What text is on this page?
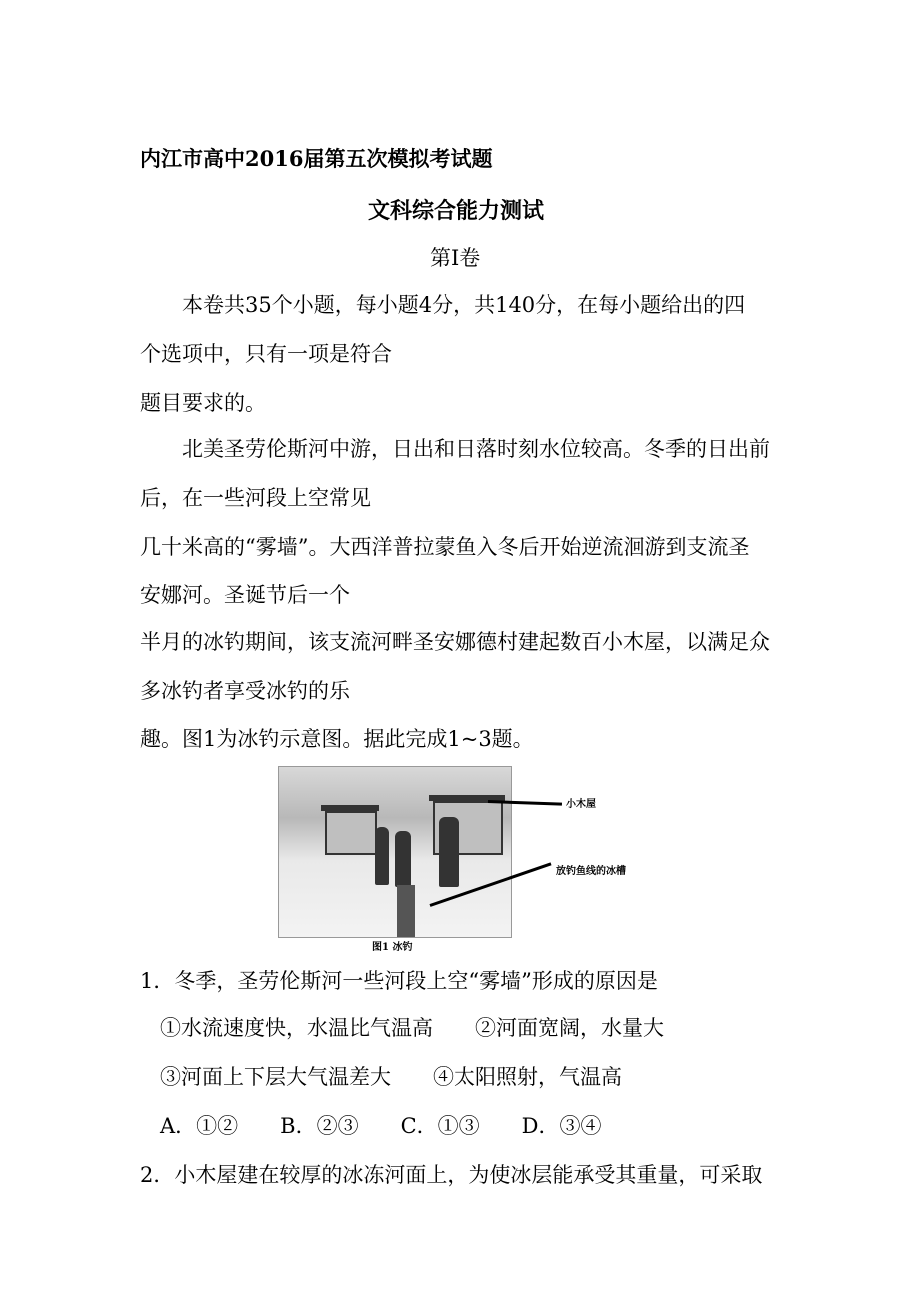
内江市高中2016届第五次模拟考试题
文科综合能力测试
第I卷
本卷共35个小题，每小题4分，共140分，在每小题给出的四
个选项中，只有一项是符合
题目要求的。
北美圣劳伦斯河中游，日出和日落时刻水位较高。冬季的日出前
后，在一些河段上空常见
几十米高的“雾墙”。大西洋普拉蒙鱼入冬后开始逆流洄游到支流圣
安娜河。圣诞节后一个
半月的冰钓期间，该支流河畔圣安娜德村建起数百小木屋，以满足众
多冰钓者享受冰钓的乐
趣。图1为冰钓示意图。据此完成1~3题。
小木屋
放钓鱼线的冰槽
图1 冰钓
1．冬季，圣劳伦斯河一些河段上空“雾墙”形成的原因是
①水流速度快，水温比气温高　　②河面宽阔，水量大
③河面上下层大气温差大　　④太阳照射，气温高
A．①②　　B．②③　　C．①③　　D．③④
2．小木屋建在较厚的冰冻河面上，为使冰层能承受其重量，可采取
